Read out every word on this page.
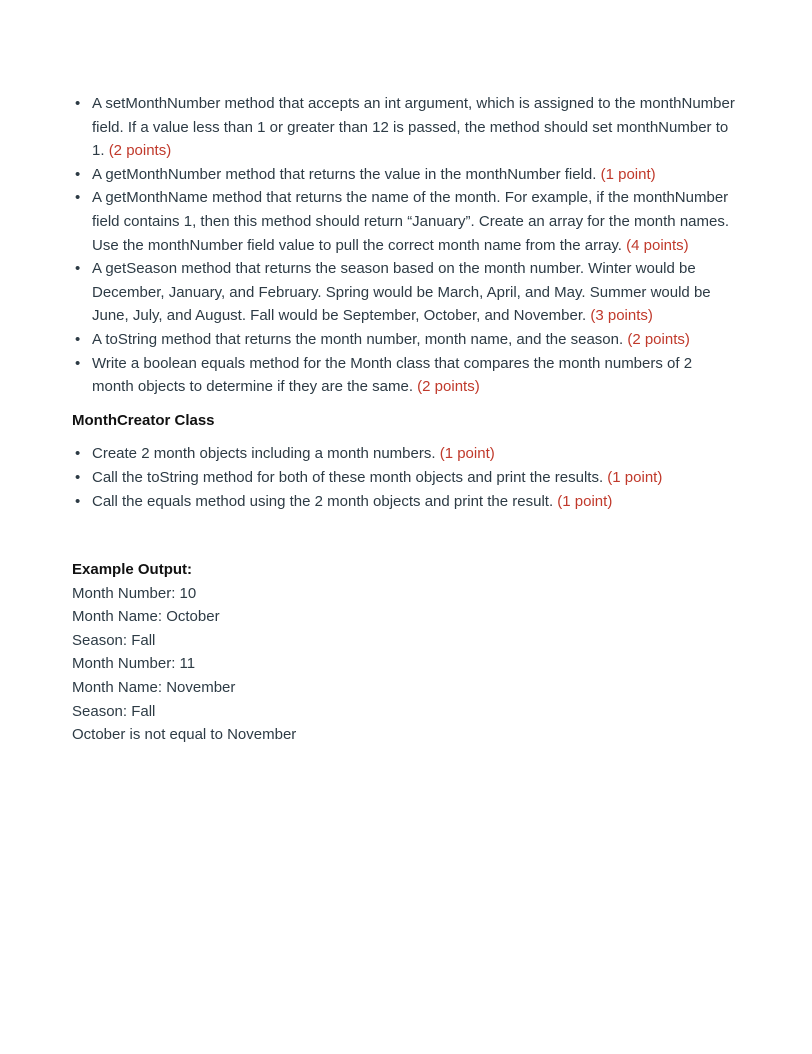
• A setMonthNumber method that accepts an int argument, which is assigned to the monthNumber field. If a value less than 1 or greater than 12 is passed, the method should set monthNumber to 1. (2 points)
• A getMonthNumber method that returns the value in the monthNumber field. (1 point)
• A getMonthName method that returns the name of the month. For example, if the monthNumber field contains 1, then this method should return “January”. Create an array for the month names. Use the monthNumber field value to pull the correct month name from the array. (4 points)
• A getSeason method that returns the season based on the month number. Winter would be December, January, and February. Spring would be March, April, and May. Summer would be June, July, and August. Fall would be September, October, and November. (3 points)
• A toString method that returns the month number, month name, and the season. (2 points)
• Write a boolean equals method for the Month class that compares the month numbers of 2 month objects to determine if they are the same. (2 points)
MonthCreator Class
• Create 2 month objects including a month numbers. (1 point)
• Call the toString method for both of these month objects and print the results. (1 point)
• Call the equals method using the 2 month objects and print the result. (1 point)
Example Output:
Month Number: 10
Month Name: October
Season: Fall
Month Number: 11
Month Name: November
Season: Fall
October is not equal to November
